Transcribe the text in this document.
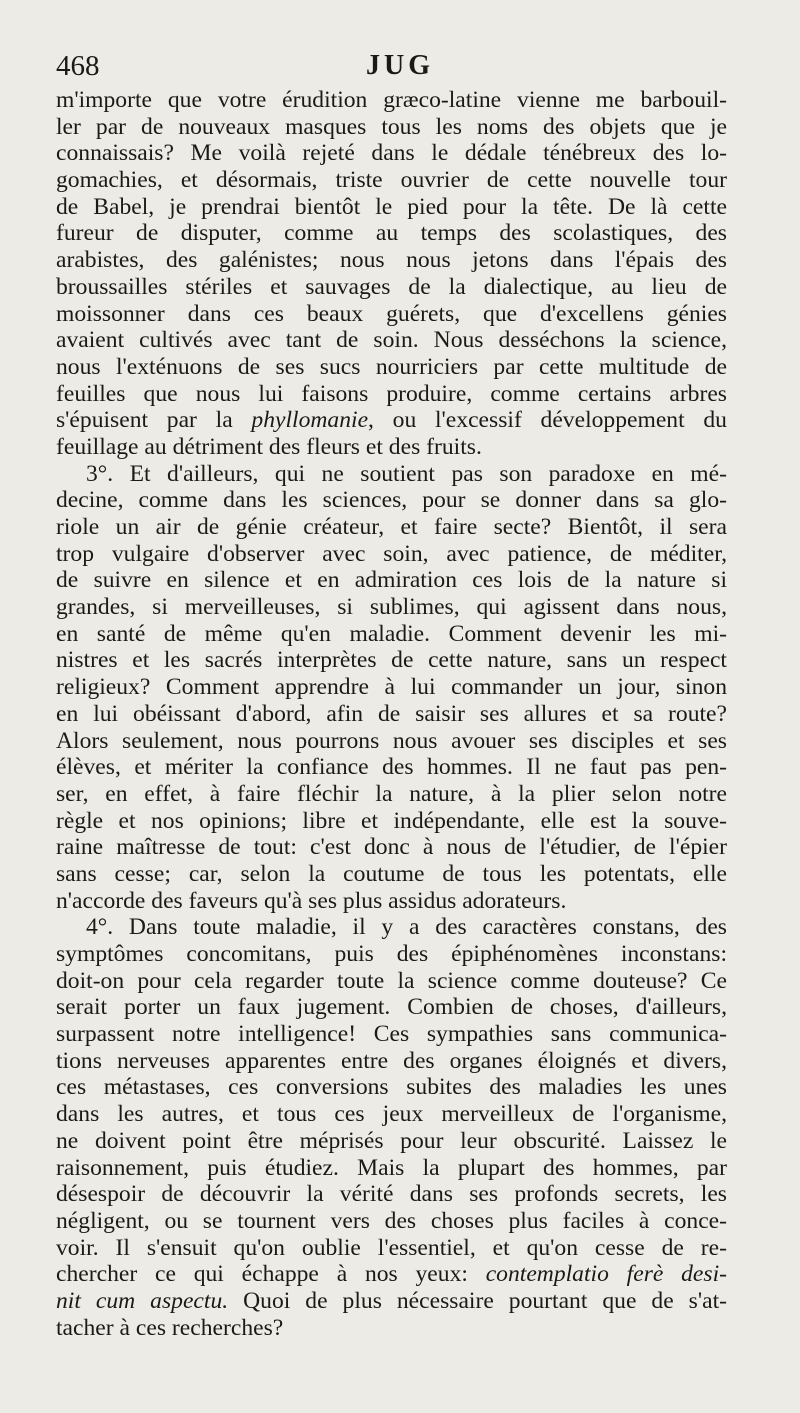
468	JUG
m'importe que votre érudition græco-latine vienne me barbouil-
ler par de nouveaux masques tous les noms des objets que je
connaissais? Me voilà rejeté dans le dédale ténébreux des lo-
gomachies, et désormais, triste ouvrier de cette nouvelle tour
de Babel, je prendrai bientôt le pied pour la tête. De là cette
fureur de disputer, comme au temps des scolastiques, des
arabistes, des galénistes; nous nous jetons dans l'épais des
broussailles stériles et sauvages de la dialectique, au lieu de
moissonner dans ces beaux guérets, que d'excellens génies
avaient cultivés avec tant de soin. Nous desséchons la science,
nous l'exténuons de ses sucs nourriciers par cette multitude de
feuilles que nous lui faisons produire, comme certains arbres
s'épuisent par la phyllomanie, ou l'excessif développement du
feuillage au détriment des fleurs et des fruits.
3°. Et d'ailleurs, qui ne soutient pas son paradoxe en mé-
decine, comme dans les sciences, pour se donner dans sa glo-
riole un air de génie créateur, et faire secte? Bientôt, il sera
trop vulgaire d'observer avec soin, avec patience, de méditer,
de suivre en silence et en admiration ces lois de la nature si
grandes, si merveilleuses, si sublimes, qui agissent dans nous,
en santé de même qu'en maladie. Comment devenir les mi-
nistres et les sacrés interprètes de cette nature, sans un respect
religieux? Comment apprendre à lui commander un jour, sinon
en lui obéissant d'abord, afin de saisir ses allures et sa route?
Alors seulement, nous pourrons nous avouer ses disciples et ses
élèves, et mériter la confiance des hommes. Il ne faut pas pen-
ser, en effet, à faire fléchir la nature, à la plier selon notre
règle et nos opinions; libre et indépendante, elle est la souve-
raine maîtresse de tout: c'est donc à nous de l'étudier, de l'épier
sans cesse; car, selon la coutume de tous les potentats, elle
n'accorde des faveurs qu'à ses plus assidus adorateurs.
4°. Dans toute maladie, il y a des caractères constans, des
symptômes concomitans, puis des épiphénomènes inconstans:
doit-on pour cela regarder toute la science comme douteuse? Ce
serait porter un faux jugement. Combien de choses, d'ailleurs,
surpassent notre intelligence! Ces sympathies sans communica-
tions nerveuses apparentes entre des organes éloignés et divers,
ces métastases, ces conversions subites des maladies les unes
dans les autres, et tous ces jeux merveilleux de l'organisme,
ne doivent point être méprisés pour leur obscurité. Laissez le
raisonnement, puis étudiez. Mais la plupart des hommes, par
désespoir de découvrir la vérité dans ses profonds secrets, les
négligent, ou se tournent vers des choses plus faciles à conce-
voir. Il s'ensuit qu'on oublie l'essentiel, et qu'on cesse de re-
chercher ce qui échappe à nos yeux: contemplatio ferè desi-
nit cum aspectu. Quoi de plus nécessaire pourtant que de s'at-
tacher à ces recherches?
